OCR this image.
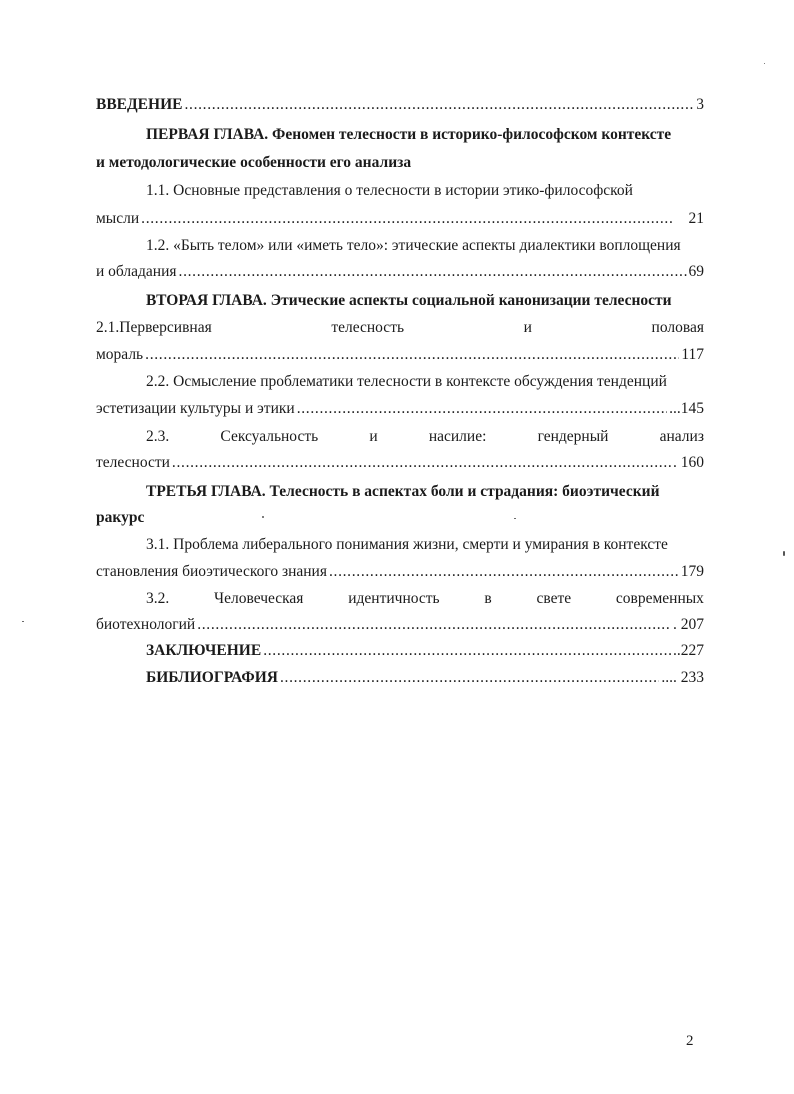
ВВЕДЕНИЕ . . .	3
ПЕРВАЯ ГЛАВА. Феномен телесности в историко-философском контексте
и методологические особенности его анализа
1.1. Основные представления о телесности в истории этико-философской
мысли . . .	21
1.2. «Быть телом» или «иметь тело»: этические аспекты диалектики воплощения
и обладания . . .	69
ВТОРАЯ ГЛАВА. Этические аспекты социальной канонизации телесности
2.1.Перверсивная	телесность	и	половая
мораль . . .	117
2.2. Осмысление проблематики телесности в контексте обсуждения тенденций
эстетизации культуры и этики . . .	...145
2.3.	Сексуальность	и	насилие:	гендерный	анализ
телесности . . .	. 160
ТРЕТЬЯ ГЛАВА. Телесность в аспектах боли и страдания: биоэтический
ракурс
3.1. Проблема либерального понимания жизни, смерти и умирания в контексте
становления биоэтического знания . . .	179
3.2.	Человеческая	идентичность	в	свете	современных
биотехнологий . . .	. 207
ЗАКЛЮЧЕНИЕ . . .	..227
БИБЛИОГРАФИЯ . . .	.... 233
2
